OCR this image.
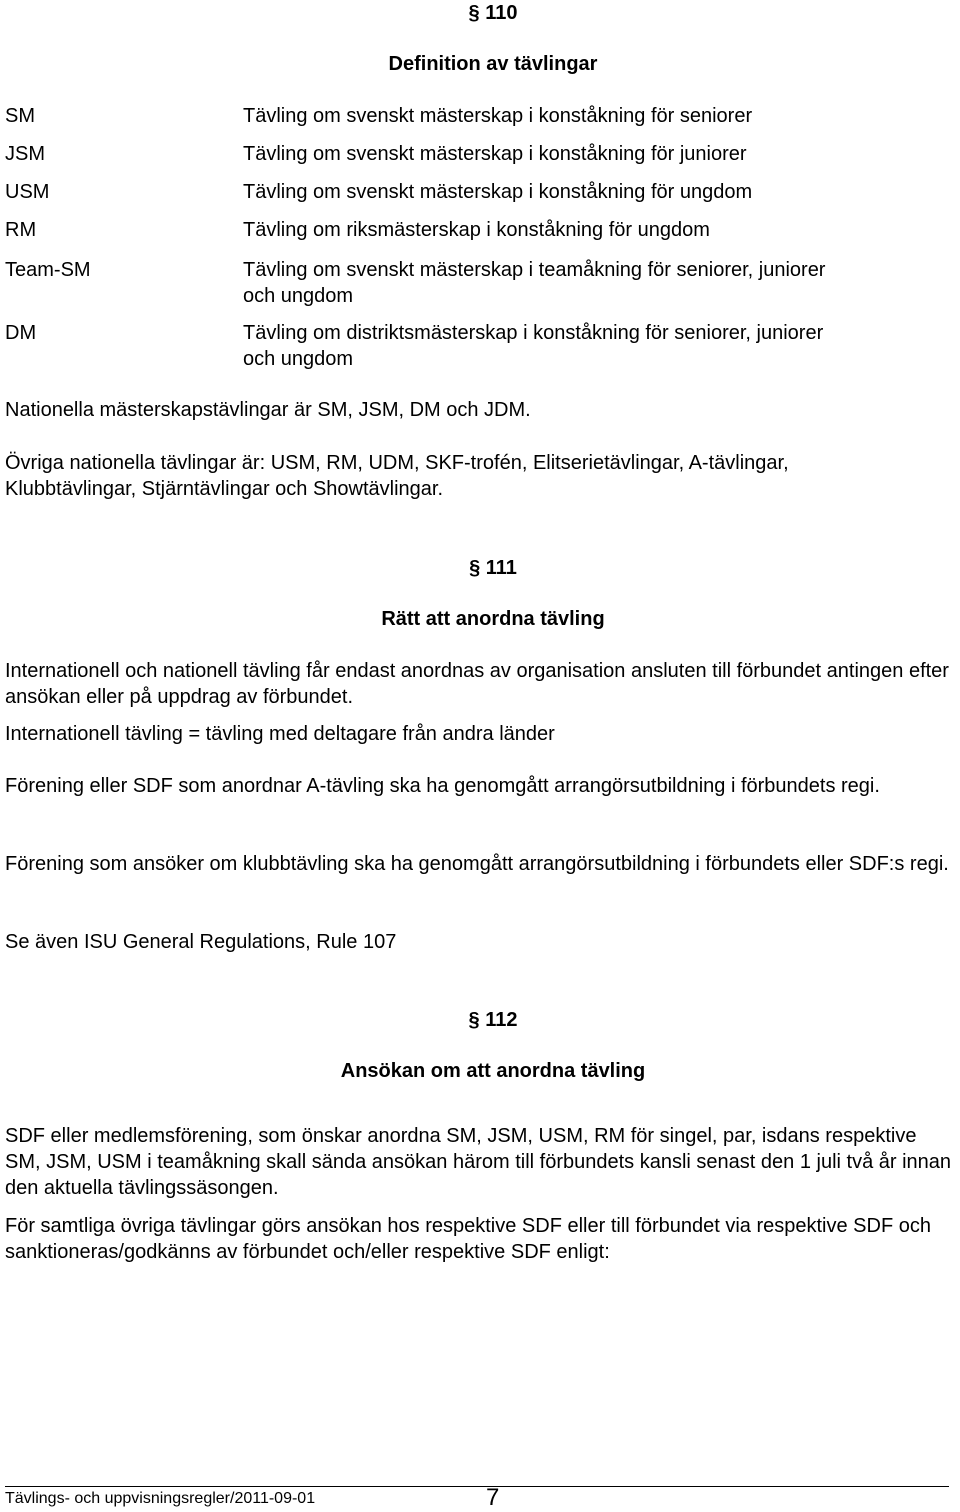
§ 110
Definition av tävlingar
SM	Tävling om svenskt mästerskap i konståkning för seniorer
JSM	Tävling om svenskt mästerskap i konståkning för juniorer
USM	Tävling om svenskt mästerskap i konståkning för ungdom
RM	Tävling om riksmästerskap i konståkning för ungdom
Team-SM	Tävling om svenskt mästerskap i teamåkning för seniorer, juniorer och ungdom
DM	Tävling om distriktsmästerskap i konståkning för seniorer, juniorer och ungdom

Nationella mästerskapstävlingar är SM, JSM, DM och JDM.

Övriga nationella tävlingar är: USM, RM, UDM, SKF-trofén, Elitserietävlingar, A-tävlingar, Klubbtävlingar, Stjärntävlingar och Showtävlingar.

§ 111
Rätt att anordna tävling

Internationell och nationell tävling får endast anordnas av organisation ansluten till förbundet antingen efter ansökan eller på uppdrag av förbundet.

Internationell tävling = tävling med deltagare från andra länder

Förening eller SDF som anordnar A-tävling ska ha genomgått arrangörsutbildning i förbundets regi.

Förening som ansöker om klubbtävling ska ha genomgått arrangörsutbildning i förbundets eller SDF:s regi.

Se även ISU General Regulations, Rule 107

§ 112
Ansökan om att anordna tävling

SDF eller medlemsförening, som önskar anordna SM, JSM, USM, RM för singel, par, isdans respektive SM, JSM, USM i teamåkning skall sända ansökan härom till förbundets kansli senast den 1 juli två år innan den aktuella tävlingssäsongen.

För samtliga övriga tävlingar görs ansökan hos respektive SDF eller till förbundet via respektive SDF och sanktioneras/godkänns av förbundet och/eller respektive SDF enligt:

Tävlings- och uppvisningsregler/2011-09-01	7
